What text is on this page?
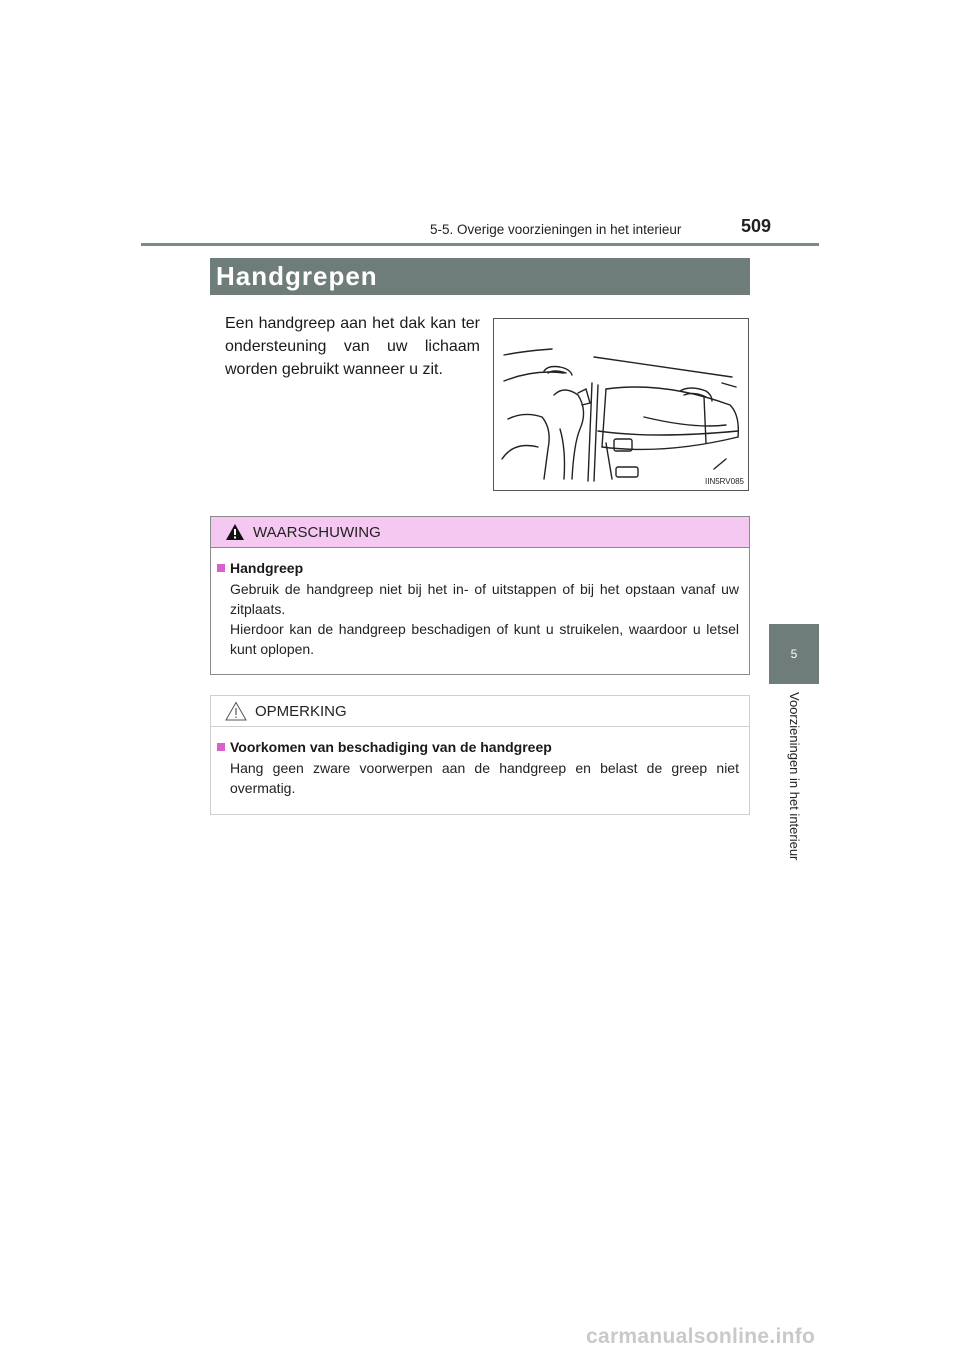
5-5. Overige voorzieningen in het interieur	509
5
Voorzieningen in het interieur
Handgrepen
Een handgreep aan het dak kan ter ondersteuning van uw lichaam worden gebruikt wanneer u zit.
IIN5RV085
WAARSCHUWING
Handgreep
Gebruik de handgreep niet bij het in- of uitstappen of bij het opstaan vanaf uw zitplaats.
Hierdoor kan de handgreep beschadigen of kunt u struikelen, waardoor u letsel kunt oplopen.
OPMERKING
Voorkomen van beschadiging van de handgreep
Hang geen zware voorwerpen aan de handgreep en belast de greep niet overmatig.
carmanualsonline.info
